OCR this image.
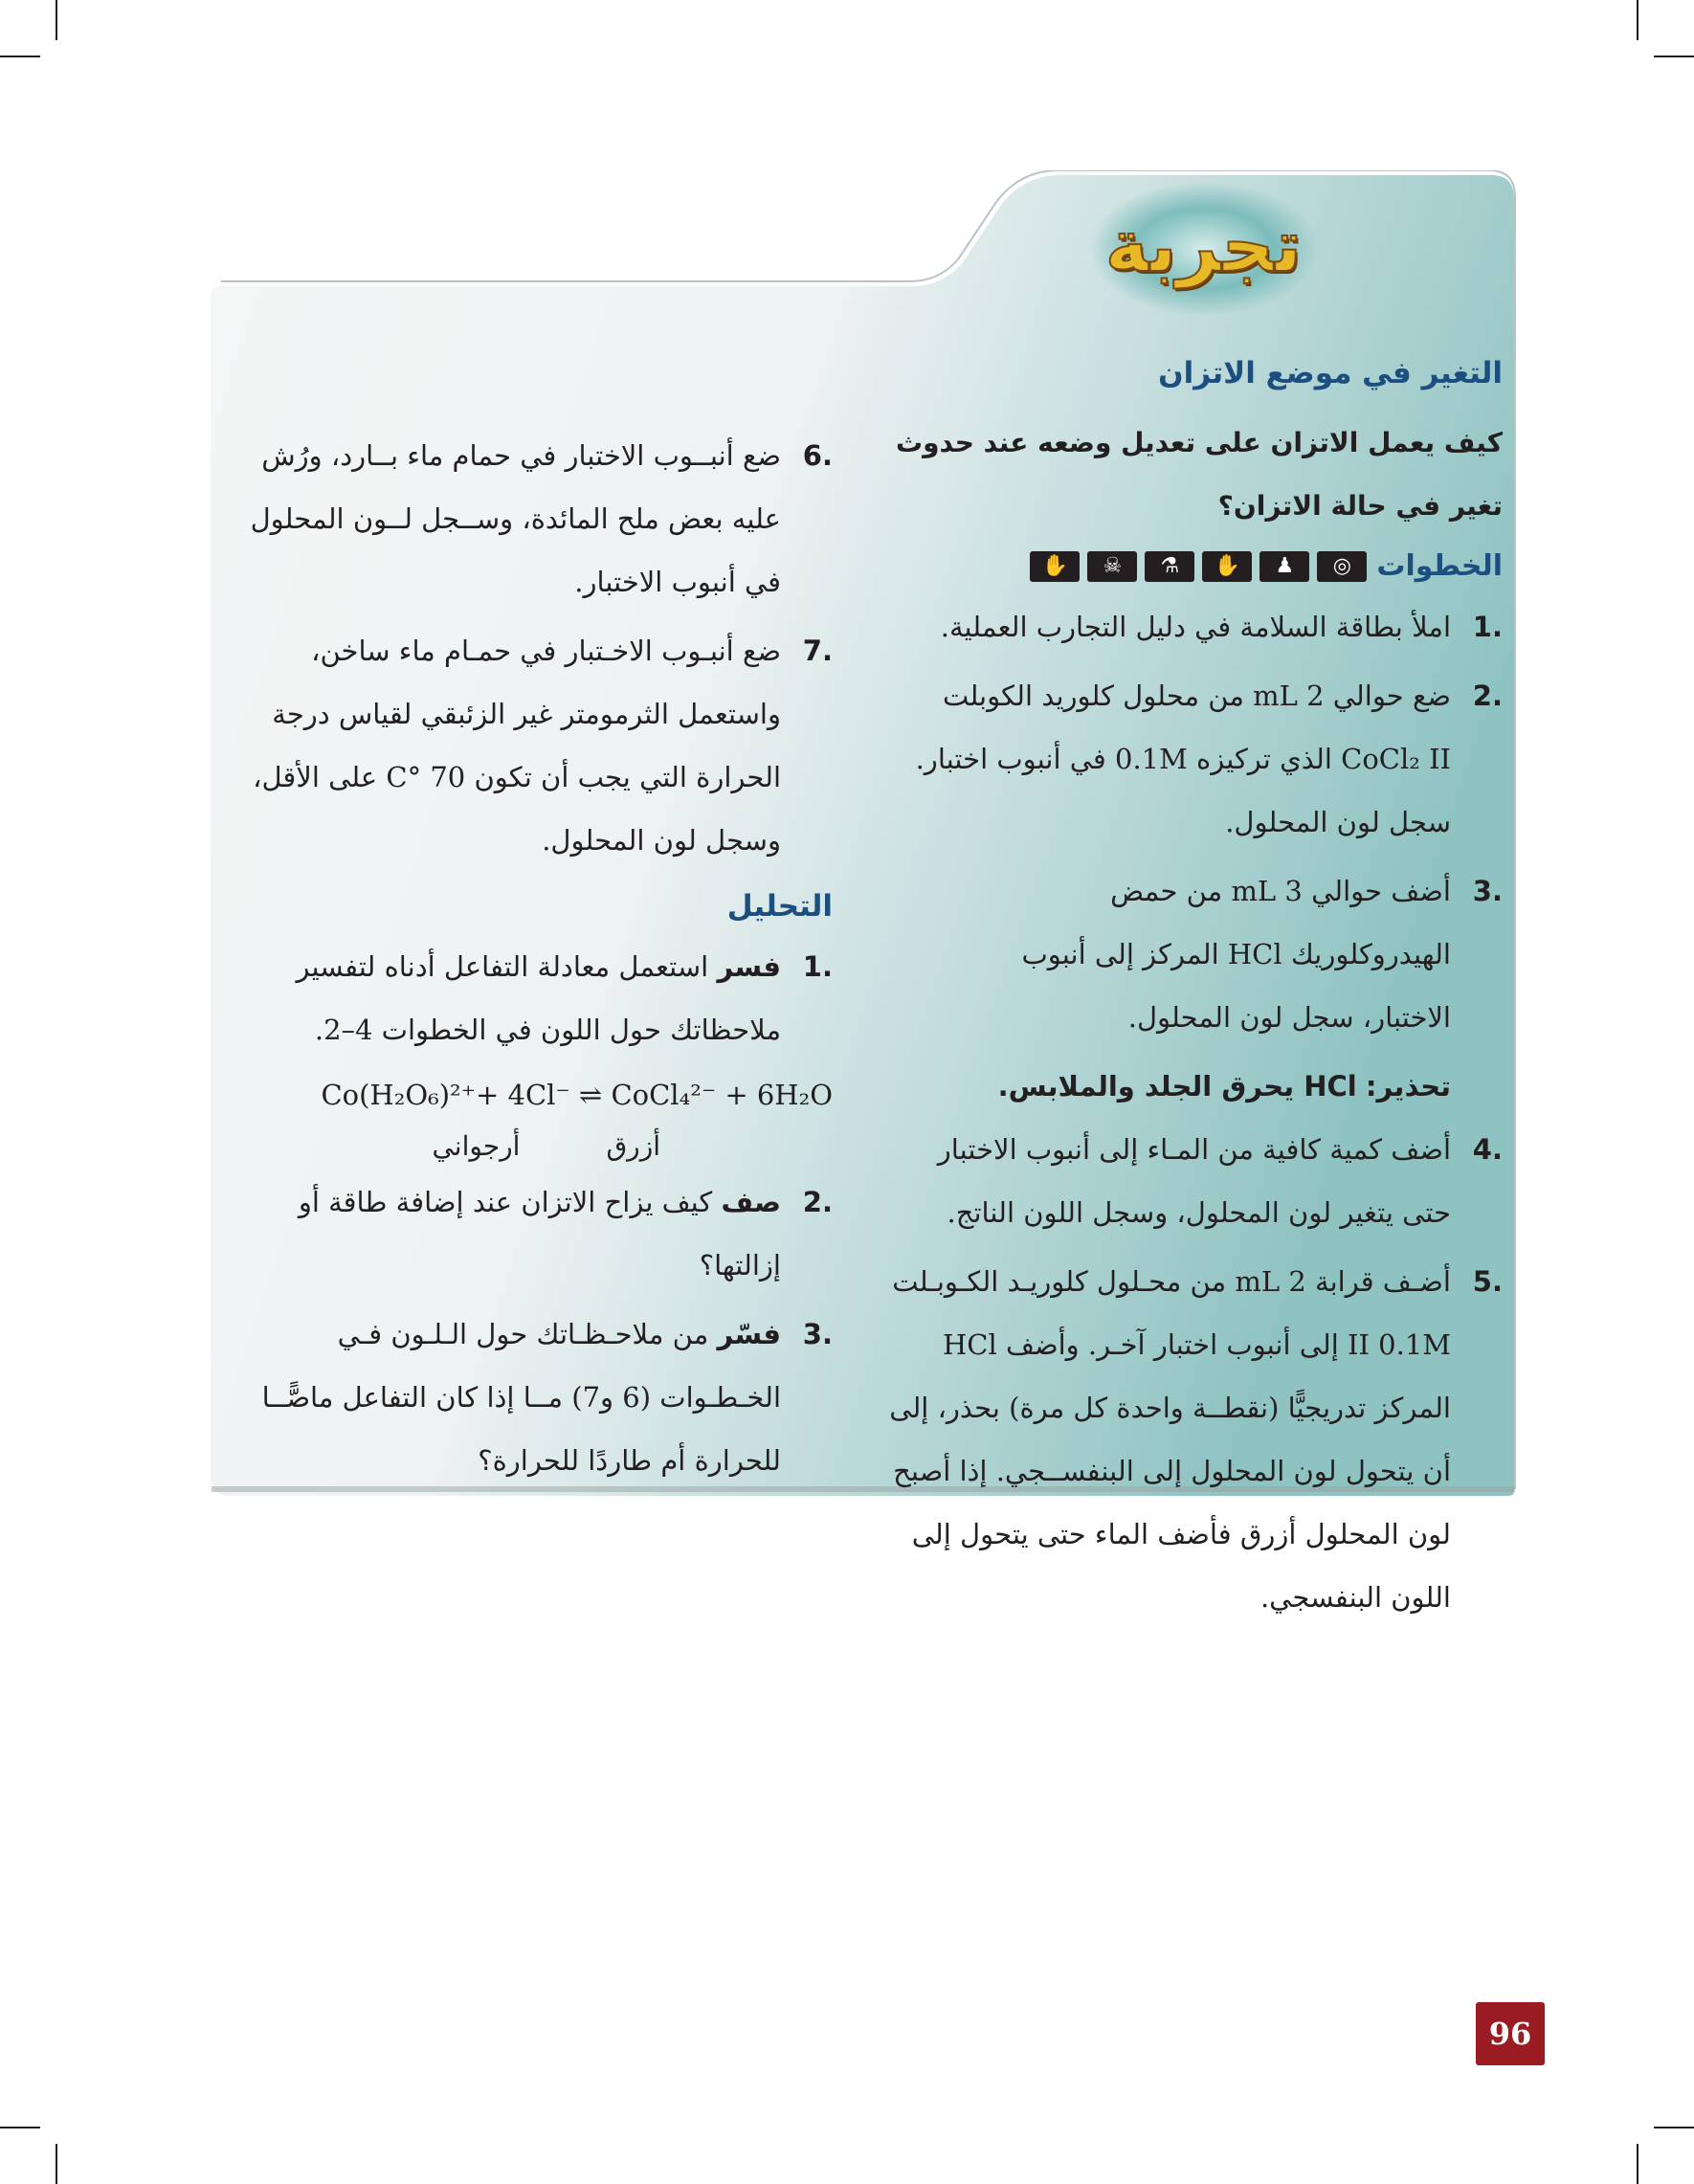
تجربة
التغير في موضع الاتزان
كيف يعمل الاتزان على تعديل وضعه عند حدوث تغير في حالة الاتزان؟
الخطوات
✋	☠	⚗	✋	♟	◎
.1
املأ بطاقة السلامة في دليل التجارب العملية.
.2
ضع حوالي 2 mL من محلول كلوريد الكوبلت CoCl₂ II الذي تركيزه 0.1M في أنبوب اختبار. سجل لون المحلول.
.3
أضف حوالي 3 mL من حمض الهيدروكلوريك HCl المركز إلى أنبوب الاختبار، سجل لون المحلول.
تحذير: HCl يحرق الجلد والملابس.
.4
أضف كمية كافية من المـاء إلى أنبوب الاختبار حتى يتغير لون المحلول، وسجل اللون الناتج.
.5
أضـف قرابة 2 mL من محـلول كلوريـد الكـوبـلت II 0.1M إلى أنبوب اختبار آخـر. وأضف HCl المركز تدريجيًّا (نقطــة واحدة كل مرة) بحذر، إلى أن يتحول لون المحلول إلى البنفســجي. إذا أصبح لون المحلول أزرق فأضف الماء حتى يتحول إلى اللون البنفسجي.
.6
ضع أنبــوب الاختبار في حمام ماء بــارد، ورُش عليه بعض ملح المائدة، وســجل لــون المحلول في أنبوب الاختبار.
.7
ضع أنبـوب الاخـتبار في حمـام ماء ساخن، واستعمل الثرمومتر غير الزئبقي لقياس درجة الحرارة التي يجب أن تكون 70 °C على الأقل، وسجل لون المحلول.
التحليل
.1
فسر استعمل معادلة التفاعل أدناه لتفسير ملاحظاتك حول اللون في الخطوات 4–2.
Co(H₂O₆)²⁺+ 4Cl⁻ ⇌ CoCl₄²⁻ + 6H₂O
أزرق
أرجواني
.2
صف كيف يزاح الاتزان عند إضافة طاقة أو إزالتها؟
.3
فسّر من ملاحـظـاتك حول الـلـون فـي الخـطـوات (6 و7) مــا إذا كان التفاعل ماصًّــا للحرارة أم طاردًا للحرارة؟
96
